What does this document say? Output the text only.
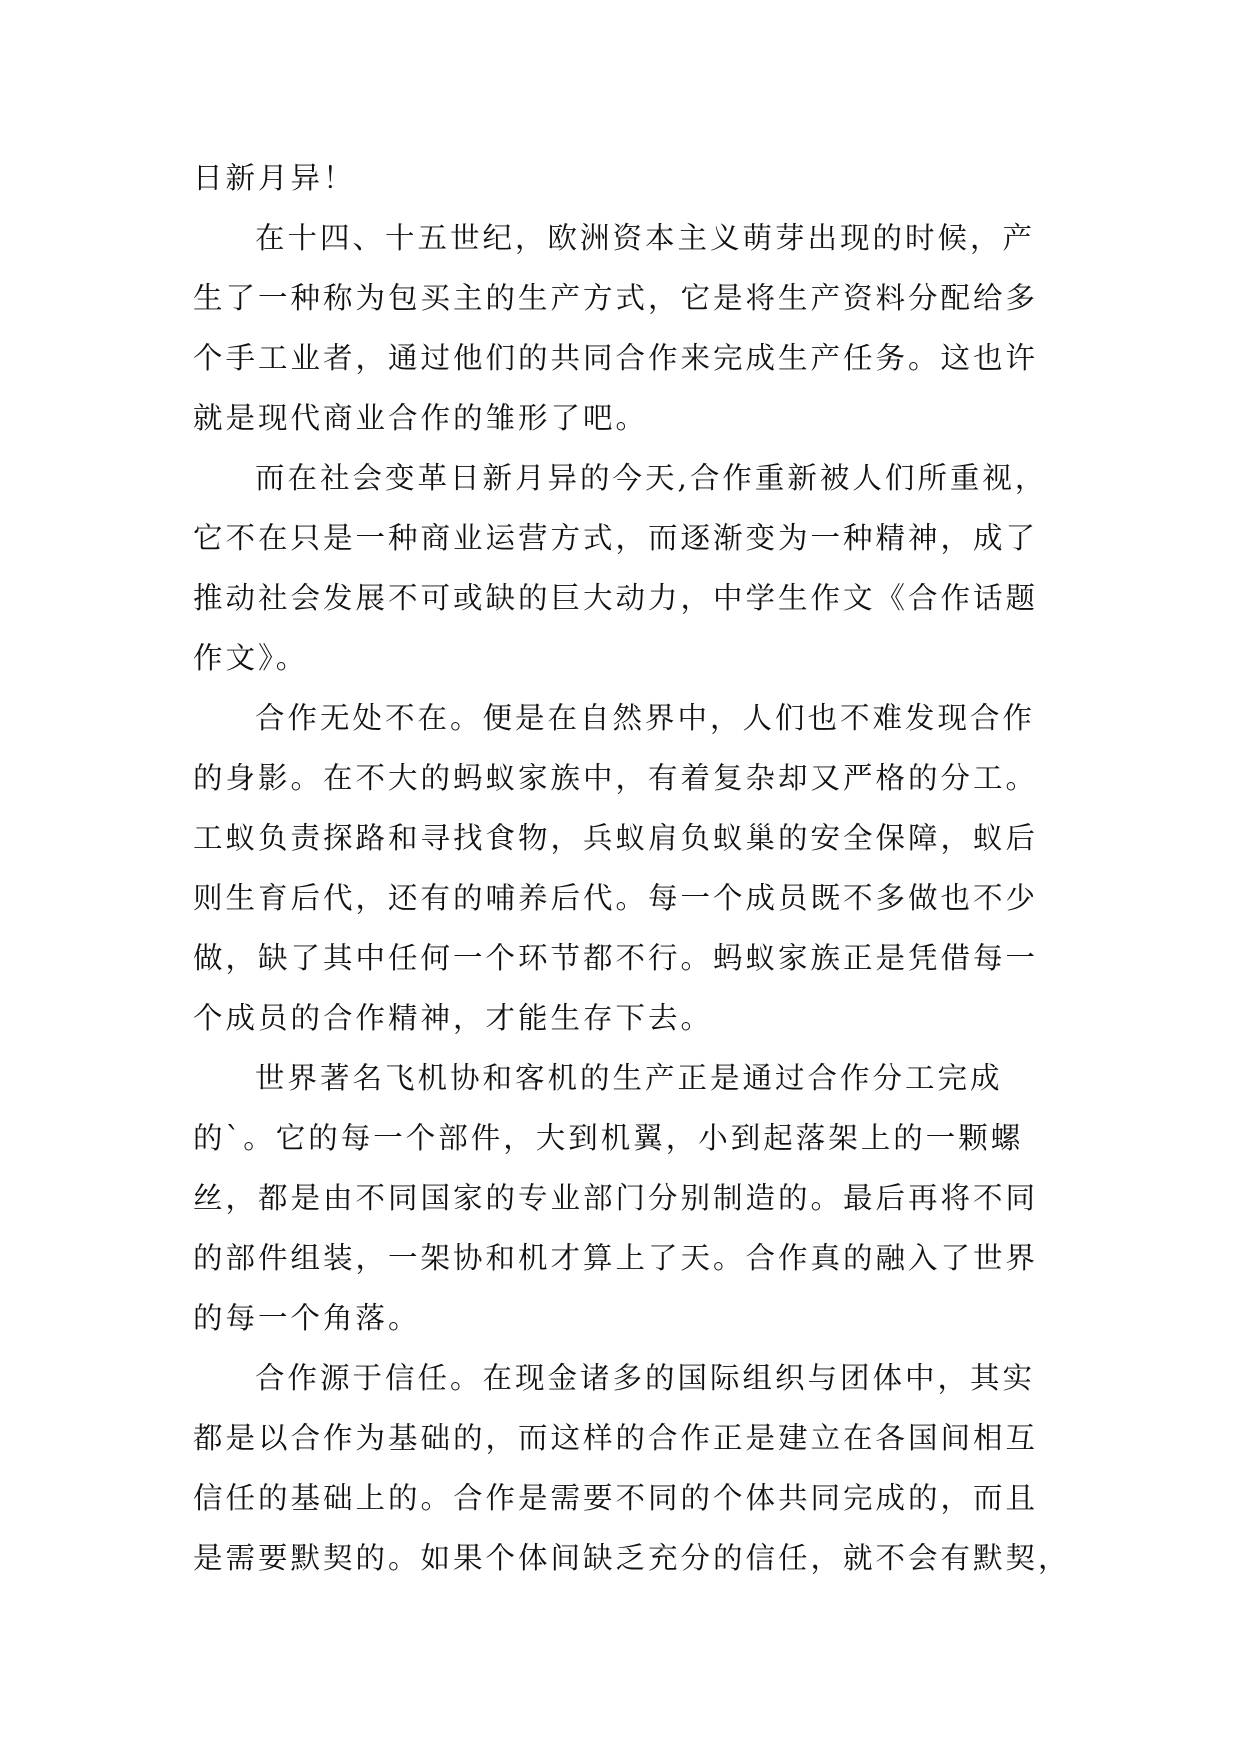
日新月异！
在十四、十五世纪，欧洲资本主义萌芽出现的时候，产
生了一种称为包买主的生产方式，它是将生产资料分配给多
个手工业者，通过他们的共同合作来完成生产任务。这也许
就是现代商业合作的雏形了吧。
而在社会变革日新月异的今天,合作重新被人们所重视，
它不在只是一种商业运营方式，而逐渐变为一种精神，成了
推动社会发展不可或缺的巨大动力，中学生作文《合作话题
作文》。
合作无处不在。便是在自然界中，人们也不难发现合作
的身影。在不大的蚂蚁家族中，有着复杂却又严格的分工。
工蚁负责探路和寻找食物，兵蚁肩负蚁巢的安全保障，蚁后
则生育后代，还有的哺养后代。每一个成员既不多做也不少
做，缺了其中任何一个环节都不行。蚂蚁家族正是凭借每一
个成员的合作精神，才能生存下去。
世界著名飞机协和客机的生产正是通过合作分工完成
的`。它的每一个部件，大到机翼，小到起落架上的一颗螺
丝，都是由不同国家的专业部门分别制造的。最后再将不同
的部件组装，一架协和机才算上了天。合作真的融入了世界
的每一个角落。
合作源于信任。在现金诸多的国际组织与团体中，其实
都是以合作为基础的，而这样的合作正是建立在各国间相互
信任的基础上的。合作是需要不同的个体共同完成的，而且
是需要默契的。如果个体间缺乏充分的信任，就不会有默契，
